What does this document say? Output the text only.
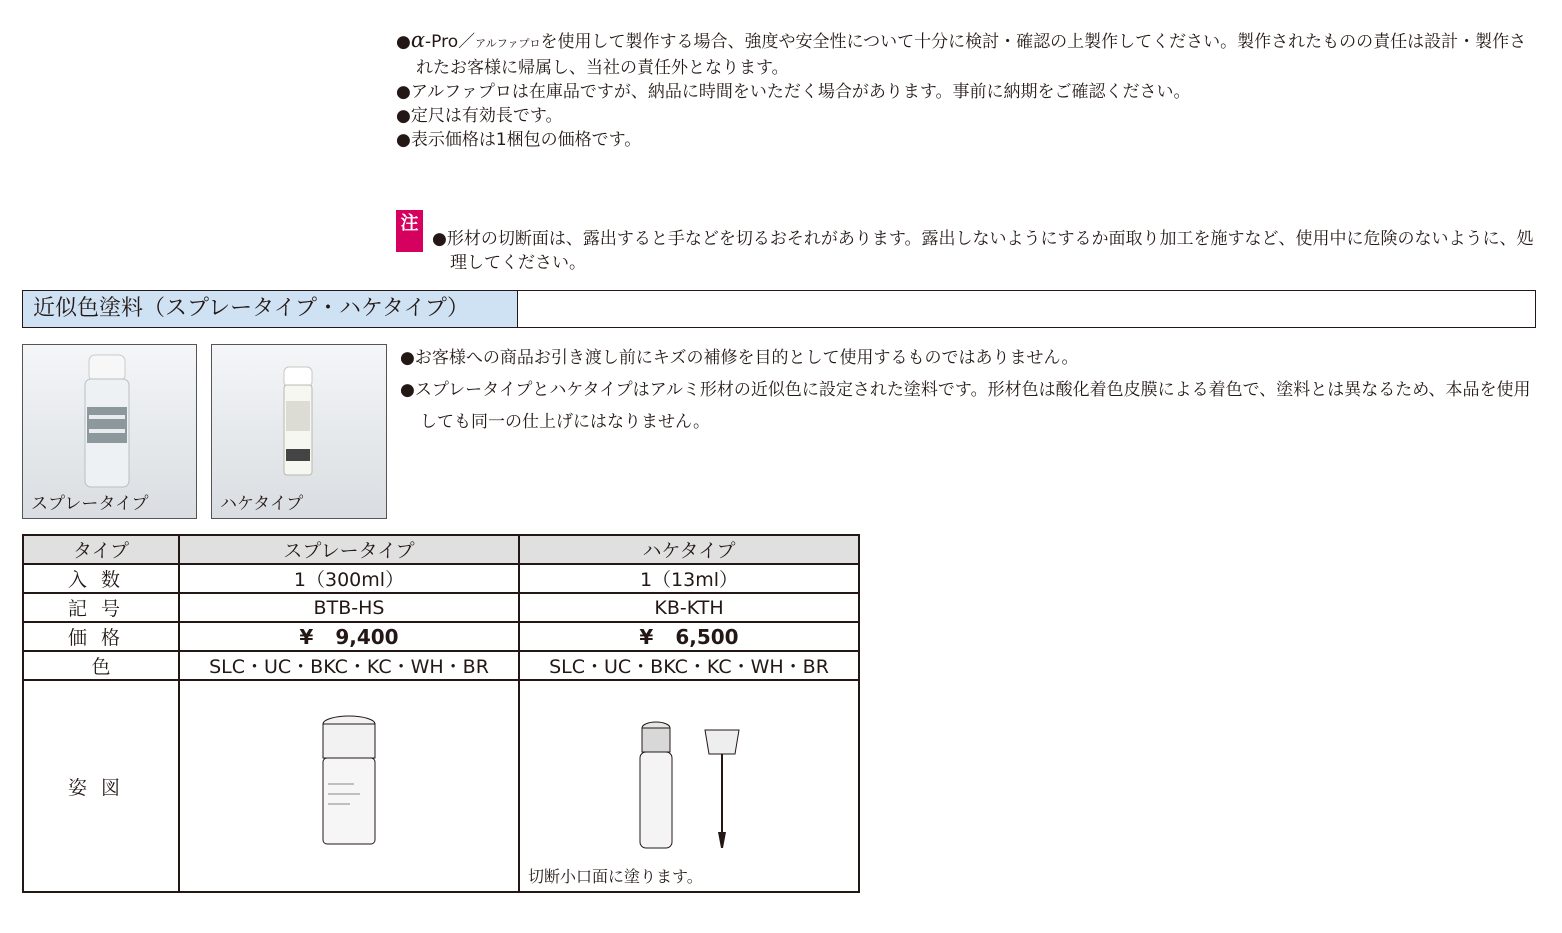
●α-Pro／アルファプロを使用して製作する場合、強度や安全性について十分に検討・確認の上製作してください。製作されたものの責任は設計・製作されたお客様に帰属し、当社の責任外となります。

●アルファプロは在庫品ですが、納品に時間をいただく場合があります。事前に納期をご確認ください。

●定尺は有効長です。

●表示価格は1梱包の価格です。

注

●形材の切断面は、露出すると手などを切るおそれがあります。露出しないようにするか面取り加工を施すなど、使用中に危険のないように、処理してください。

近似色塗料（スプレータイプ・ハケタイプ）
スプレータイプ	ハケタイプ

●お客様への商品お引き渡し前にキズの補修を目的として使用するものではありません。

●スプレータイプとハケタイプはアルミ形材の近似色に設定された塗料です。形材色は酸化着色皮膜による着色で、塗料とは異なるため、本品を使用しても同一の仕上げにはなりません。

タイプ	スプレータイプ	ハケタイプ
入数	1（300ml）	1（13ml）
記号	BTB-HS	KB-KTH
価格	¥ 9,400	¥ 6,500
色	SLC・UC・BKC・KC・WH・BR	SLC・UC・BKC・KC・WH・BR
姿図		切断小口面に塗ります。
